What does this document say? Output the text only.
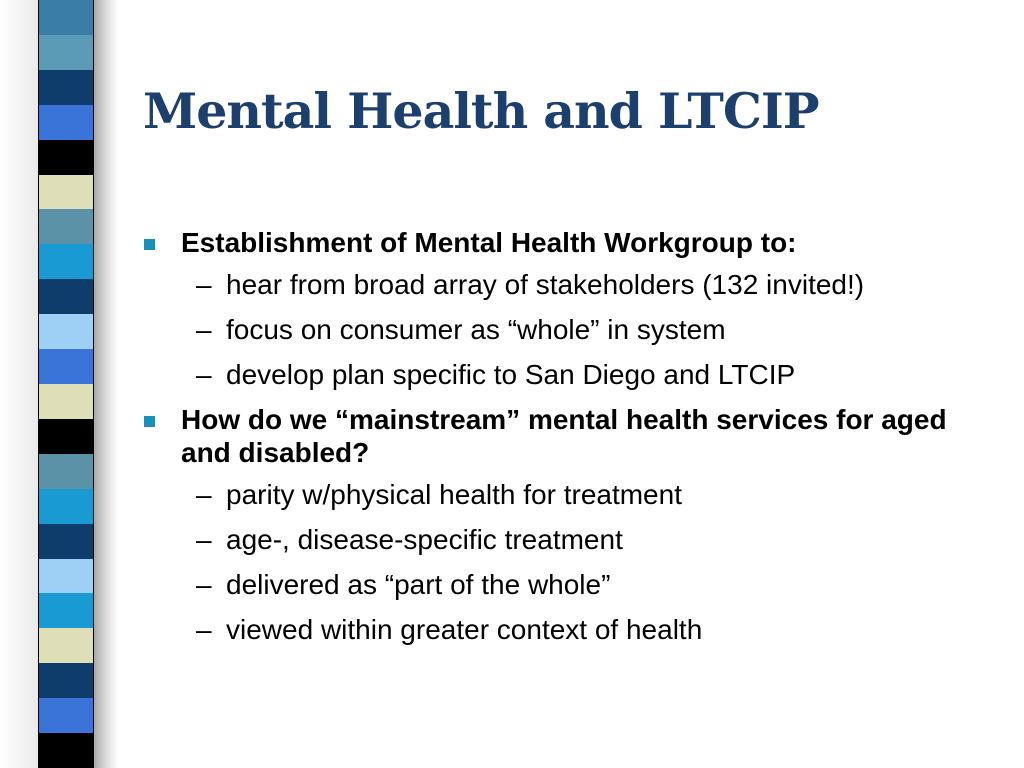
Mental Health and LTCIP
Establishment of Mental Health Workgroup to:
– hear from broad array of stakeholders (132 invited!)
– focus on consumer as “whole” in system
– develop plan specific to San Diego and LTCIP
How do we “mainstream” mental health services for aged and disabled?
– parity w/physical health for treatment
– age-, disease-specific treatment
– delivered as “part of the whole”
– viewed within greater context of health
